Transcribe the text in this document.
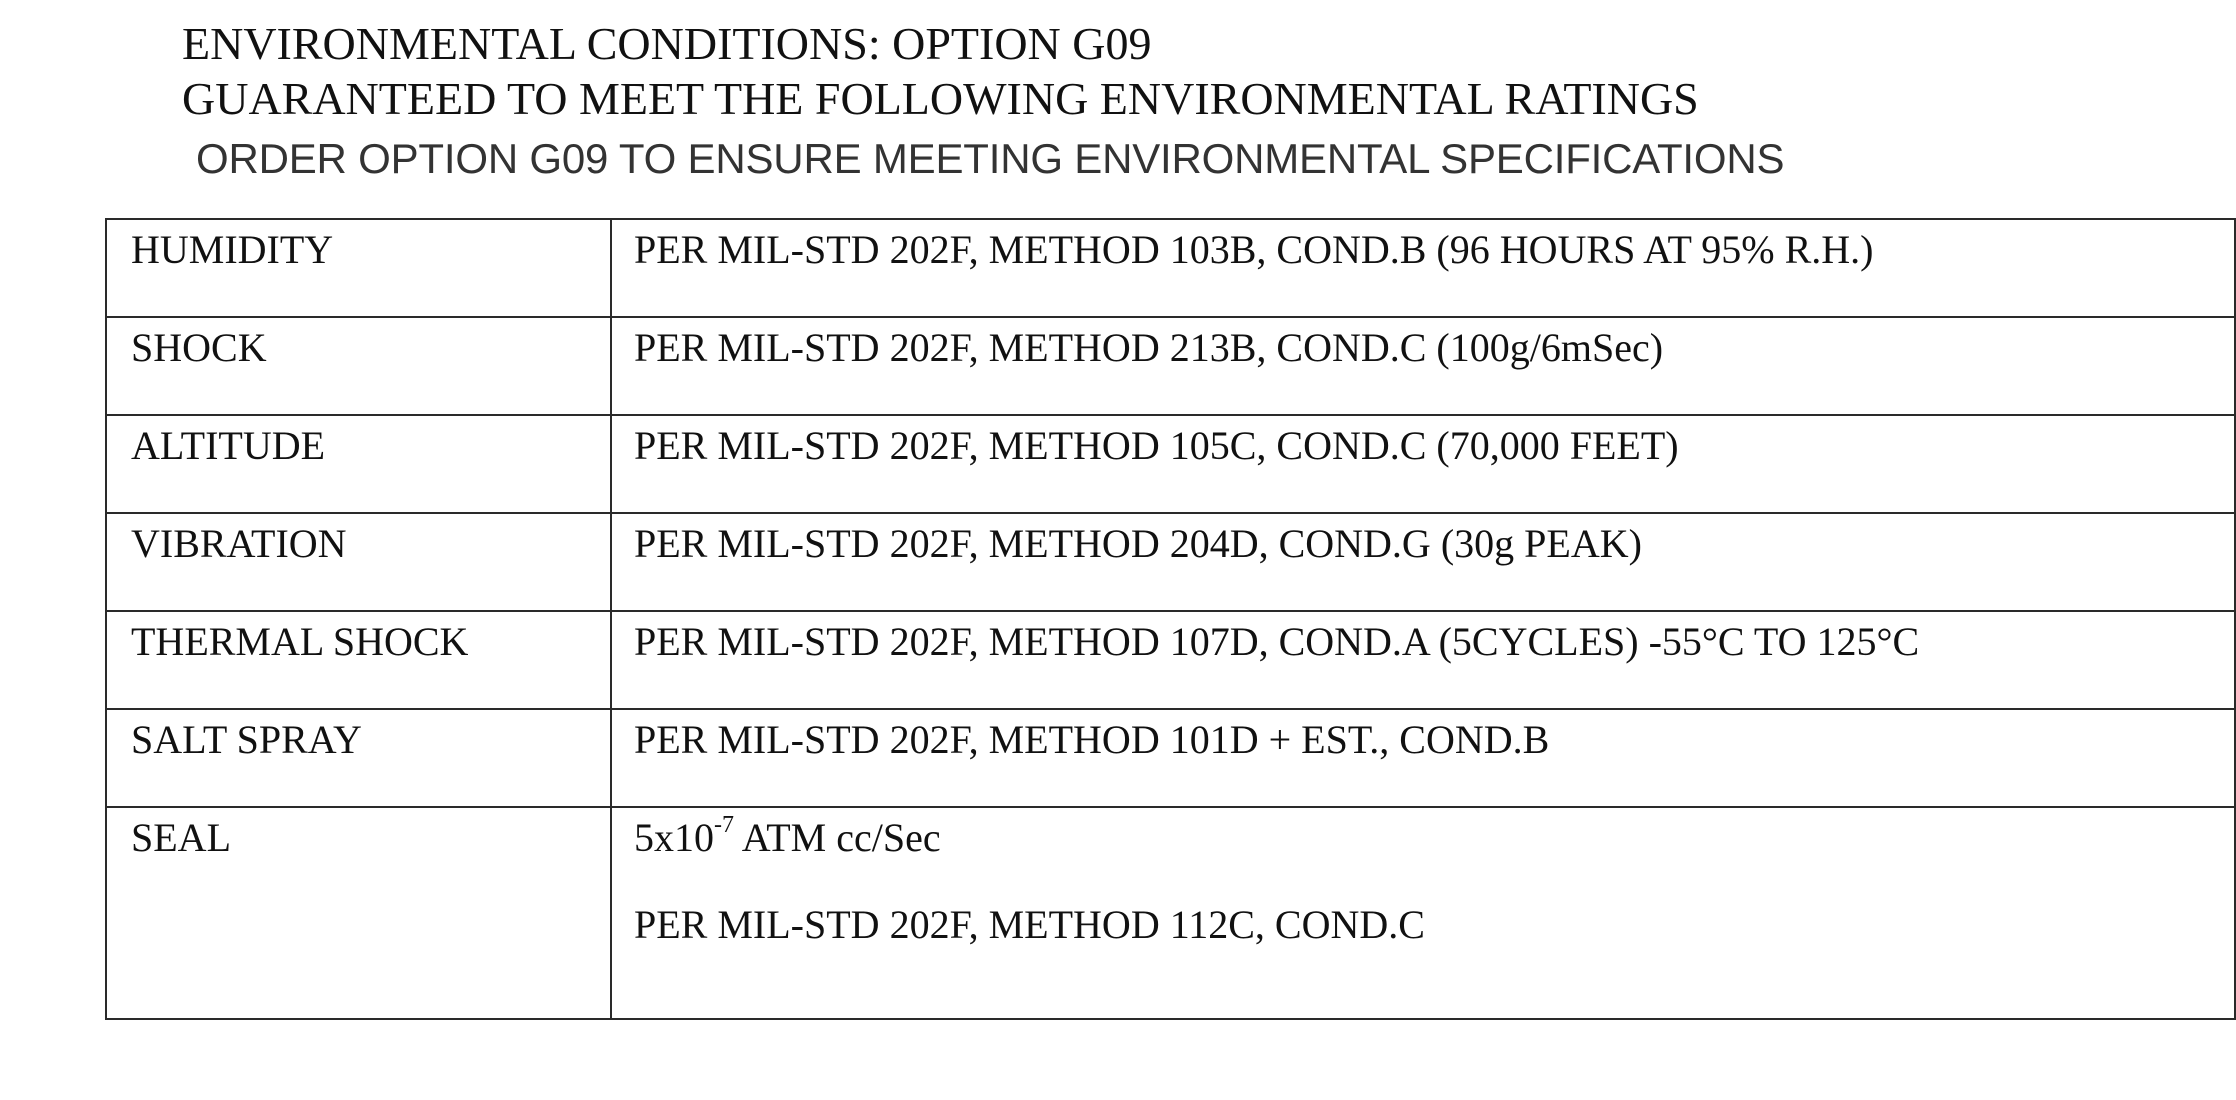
ENVIRONMENTAL CONDITIONS: OPTION G09
GUARANTEED TO MEET THE FOLLOWING ENVIRONMENTAL RATINGS
ORDER OPTION G09 TO ENSURE MEETING ENVIRONMENTAL SPECIFICATIONS
HUMIDITY	PER MIL-STD 202F, METHOD 103B, COND.B (96 HOURS AT 95% R.H.)
SHOCK	PER MIL-STD 202F, METHOD 213B, COND.C (100g/6mSec)
ALTITUDE	PER MIL-STD 202F, METHOD 105C, COND.C (70,000 FEET)
VIBRATION	PER MIL-STD 202F, METHOD 204D, COND.G (30g PEAK)
THERMAL SHOCK	PER MIL-STD 202F, METHOD 107D, COND.A (5CYCLES) -55°C TO 125°C
SALT SPRAY	PER MIL-STD 202F, METHOD 101D + EST., COND.B
SEAL	$5x10^{-7}$ ATM cc/Sec
PER MIL-STD 202F, METHOD 112C, COND.C
